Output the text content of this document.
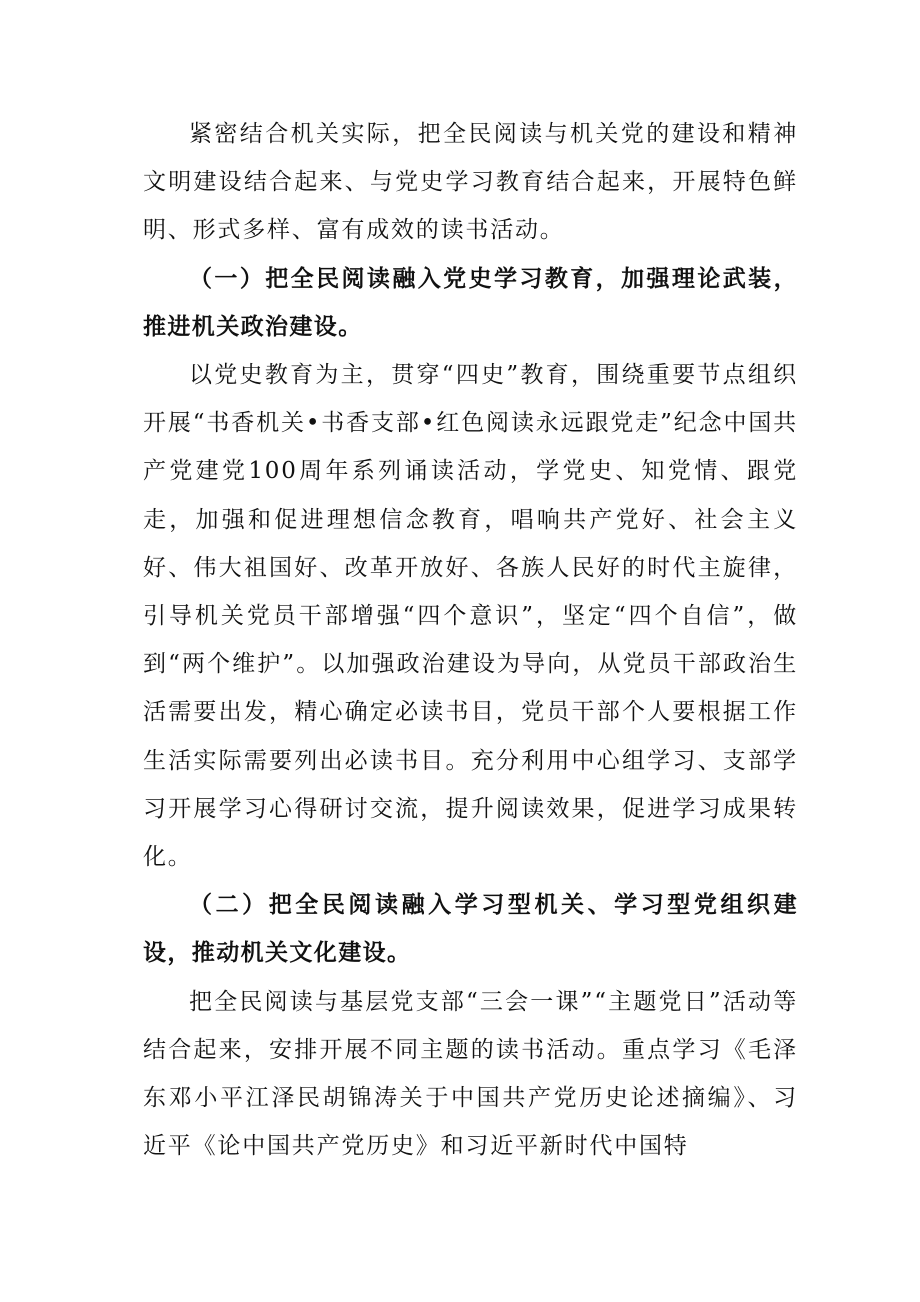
紧密结合机关实际，把全民阅读与机关党的建设和精神文明建设结合起来、与党史学习教育结合起来，开展特色鲜明、形式多样、富有成效的读书活动。

（一）把全民阅读融入党史学习教育，加强理论武装，推进机关政治建设。

以党史教育为主，贯穿“四史”教育，围绕重要节点组织开展“书香机关•书香支部•红色阅读永远跟党走”纪念中国共产党建党100周年系列诵读活动，学党史、知党情、跟党走，加强和促进理想信念教育，唱响共产党好、社会主义好、伟大祖国好、改革开放好、各族人民好的时代主旋律，引导机关党员干部增强“四个意识”，坚定“四个自信”，做到“两个维护”。以加强政治建设为导向，从党员干部政治生活需要出发，精心确定必读书目，党员干部个人要根据工作生活实际需要列出必读书目。充分利用中心组学习、支部学习开展学习心得研讨交流，提升阅读效果，促进学习成果转化。

（二）把全民阅读融入学习型机关、学习型党组织建设，推动机关文化建设。

把全民阅读与基层党支部“三会一课”“主题党日”活动等结合起来，安排开展不同主题的读书活动。重点学习《毛泽东邓小平江泽民胡锦涛关于中国共产党历史论述摘编》、习近平《论中国共产党历史》和习近平新时代中国特
